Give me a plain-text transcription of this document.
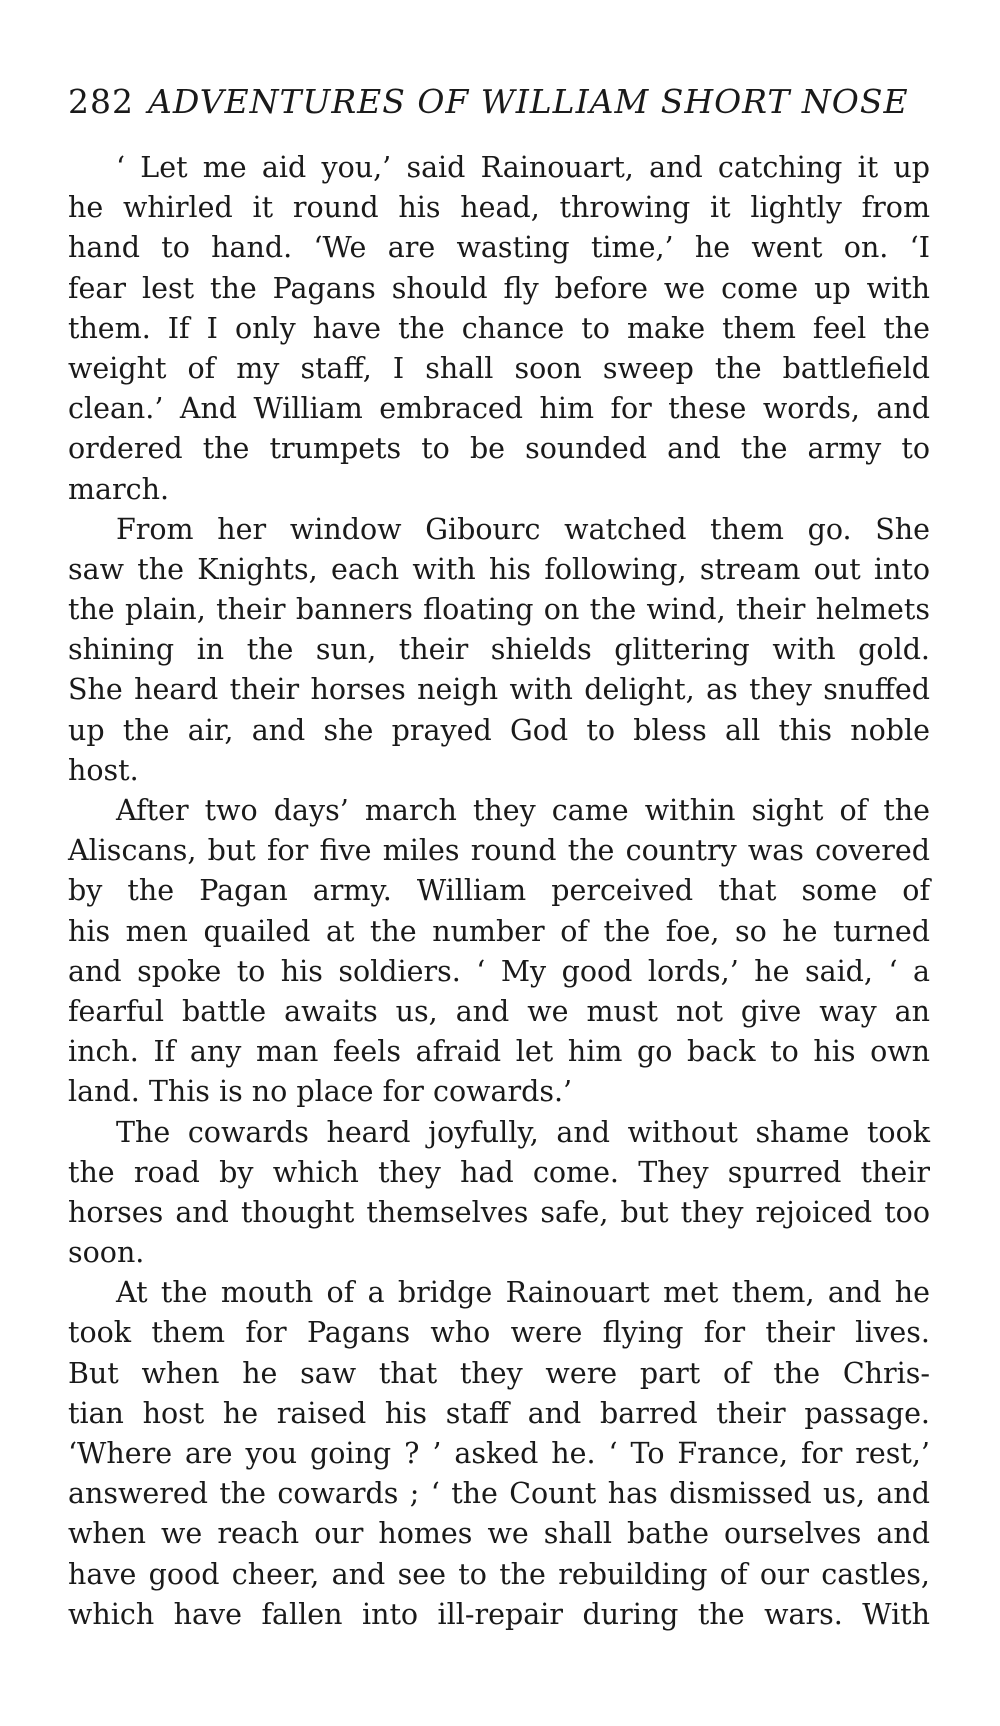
282 ADVENTURES OF WILLIAM SHORT NOSE

‘ Let me aid you,’ said Rainouart, and catching it up
he whirled it round his head, throwing it lightly from
hand to hand. ‘We are wasting time,’ he went on. ‘I
fear lest the Pagans should fly before we come up with
them. If I only have the chance to make them feel the
weight of my staff, I shall soon sweep the battlefield
clean.’ And William embraced him for these words, and
ordered the trumpets to be sounded and the army to
march.

From her window Gibourc watched them go. She
saw the Knights, each with his following, stream out into
the plain, their banners floating on the wind, their helmets
shining in the sun, their shields glittering with gold.
She heard their horses neigh with delight, as they snuffed
up the air, and she prayed God to bless all this noble
host.

After two days’ march they came within sight of the
Aliscans, but for five miles round the country was covered
by the Pagan army. William perceived that some of
his men quailed at the number of the foe, so he turned
and spoke to his soldiers. ‘ My good lords,’ he said, ‘ a
fearful battle awaits us, and we must not give way an
inch. If any man feels afraid let him go back to his own
land. This is no place for cowards.’

The cowards heard joyfully, and without shame took
the road by which they had come. They spurred their
horses and thought themselves safe, but they rejoiced too
soon.

At the mouth of a bridge Rainouart met them, and he
took them for Pagans who were flying for their lives.
But when he saw that they were part of the Chris-
tian host he raised his staff and barred their passage.
‘Where are you going ? ’ asked he. ‘ To France, for rest,’
answered the cowards ; ‘ the Count has dismissed us, and
when we reach our homes we shall bathe ourselves and
have good cheer, and see to the rebuilding of our castles,
which have fallen into ill-repair during the wars. With
